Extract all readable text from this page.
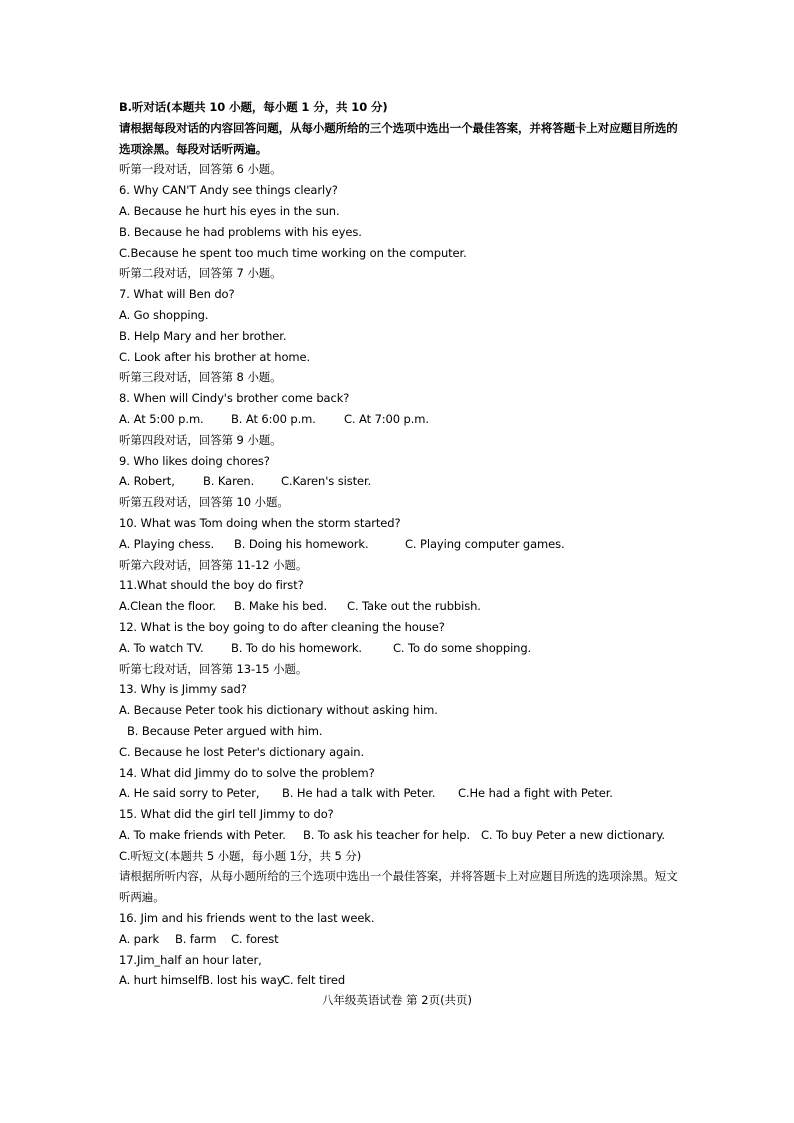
B.听对话(本题共 10 小题，每小题 1 分，共 10 分)
请根据每段对话的内容回答问题，从每小题所给的三个选项中选出一个最佳答案，并将答题卡上对应题目所选的选项涂黑。每段对话听两遍。
听第一段对话，回答第 6 小题。
6. Why CAN'T Andy see things clearly?
A. Because he hurt his eyes in the sun.
B. Because he had problems with his eyes.
C.Because he spent too much time working on the computer.
听第二段对话，回答第 7 小题。
7. What will Ben do?
A. Go shopping.
B. Help Mary and her brother.
C. Look after his brother at home.
听第三段对话，回答第 8 小题。
8. When will Cindy's brother come back?
A. At 5:00 p.m. B. At 6:00 p.m. C. At 7:00 p.m.
听第四段对话，回答第 9 小题。
9. Who likes doing chores?
A. Robert, B. Karen. C.Karen's sister.
听第五段对话，回答第 10 小题。
10. What was Tom doing when the storm started?
A. Playing chess. B. Doing his homework.	C. Playing computer games.
听第六段对话，回答第 11-12 小题。
11.What should the boy do first?
A.Clean the floor. B. Make his bed. C. Take out the rubbish.
12. What is the boy going to do after cleaning the house?
A. To watch TV. B. To do his homework.	C. To do some shopping.
听第七段对话，回答第 13-15 小题。
13. Why is Jimmy sad?
A. Because Peter took his dictionary without asking him.
B. Because Peter argued with him.
C. Because he lost Peter's dictionary again.
14. What did Jimmy do to solve the problem?
A. He said sorry to Peter, B. He had a talk with Peter. C.He had a fight with Peter.
15. What did the girl tell Jimmy to do?
A. To make friends with Peter. B. To ask his teacher for help. C. To buy Peter a new dictionary.
C.听短文(本题共 5 小题，每小题 1分，共 5 分)
请根据所听内容，从每小题所给的三个选项中选出一个最佳答案，并将答题卡上对应题目所选的选项涂黑。短文听两遍。
16. Jim and his friends went to the last week.
A. park B. farm C. forest
17.Jim_half an hour later,
A. hurt himselfB. lost his wayC. felt tired
八年级英语试卷 第 2页(共页)
